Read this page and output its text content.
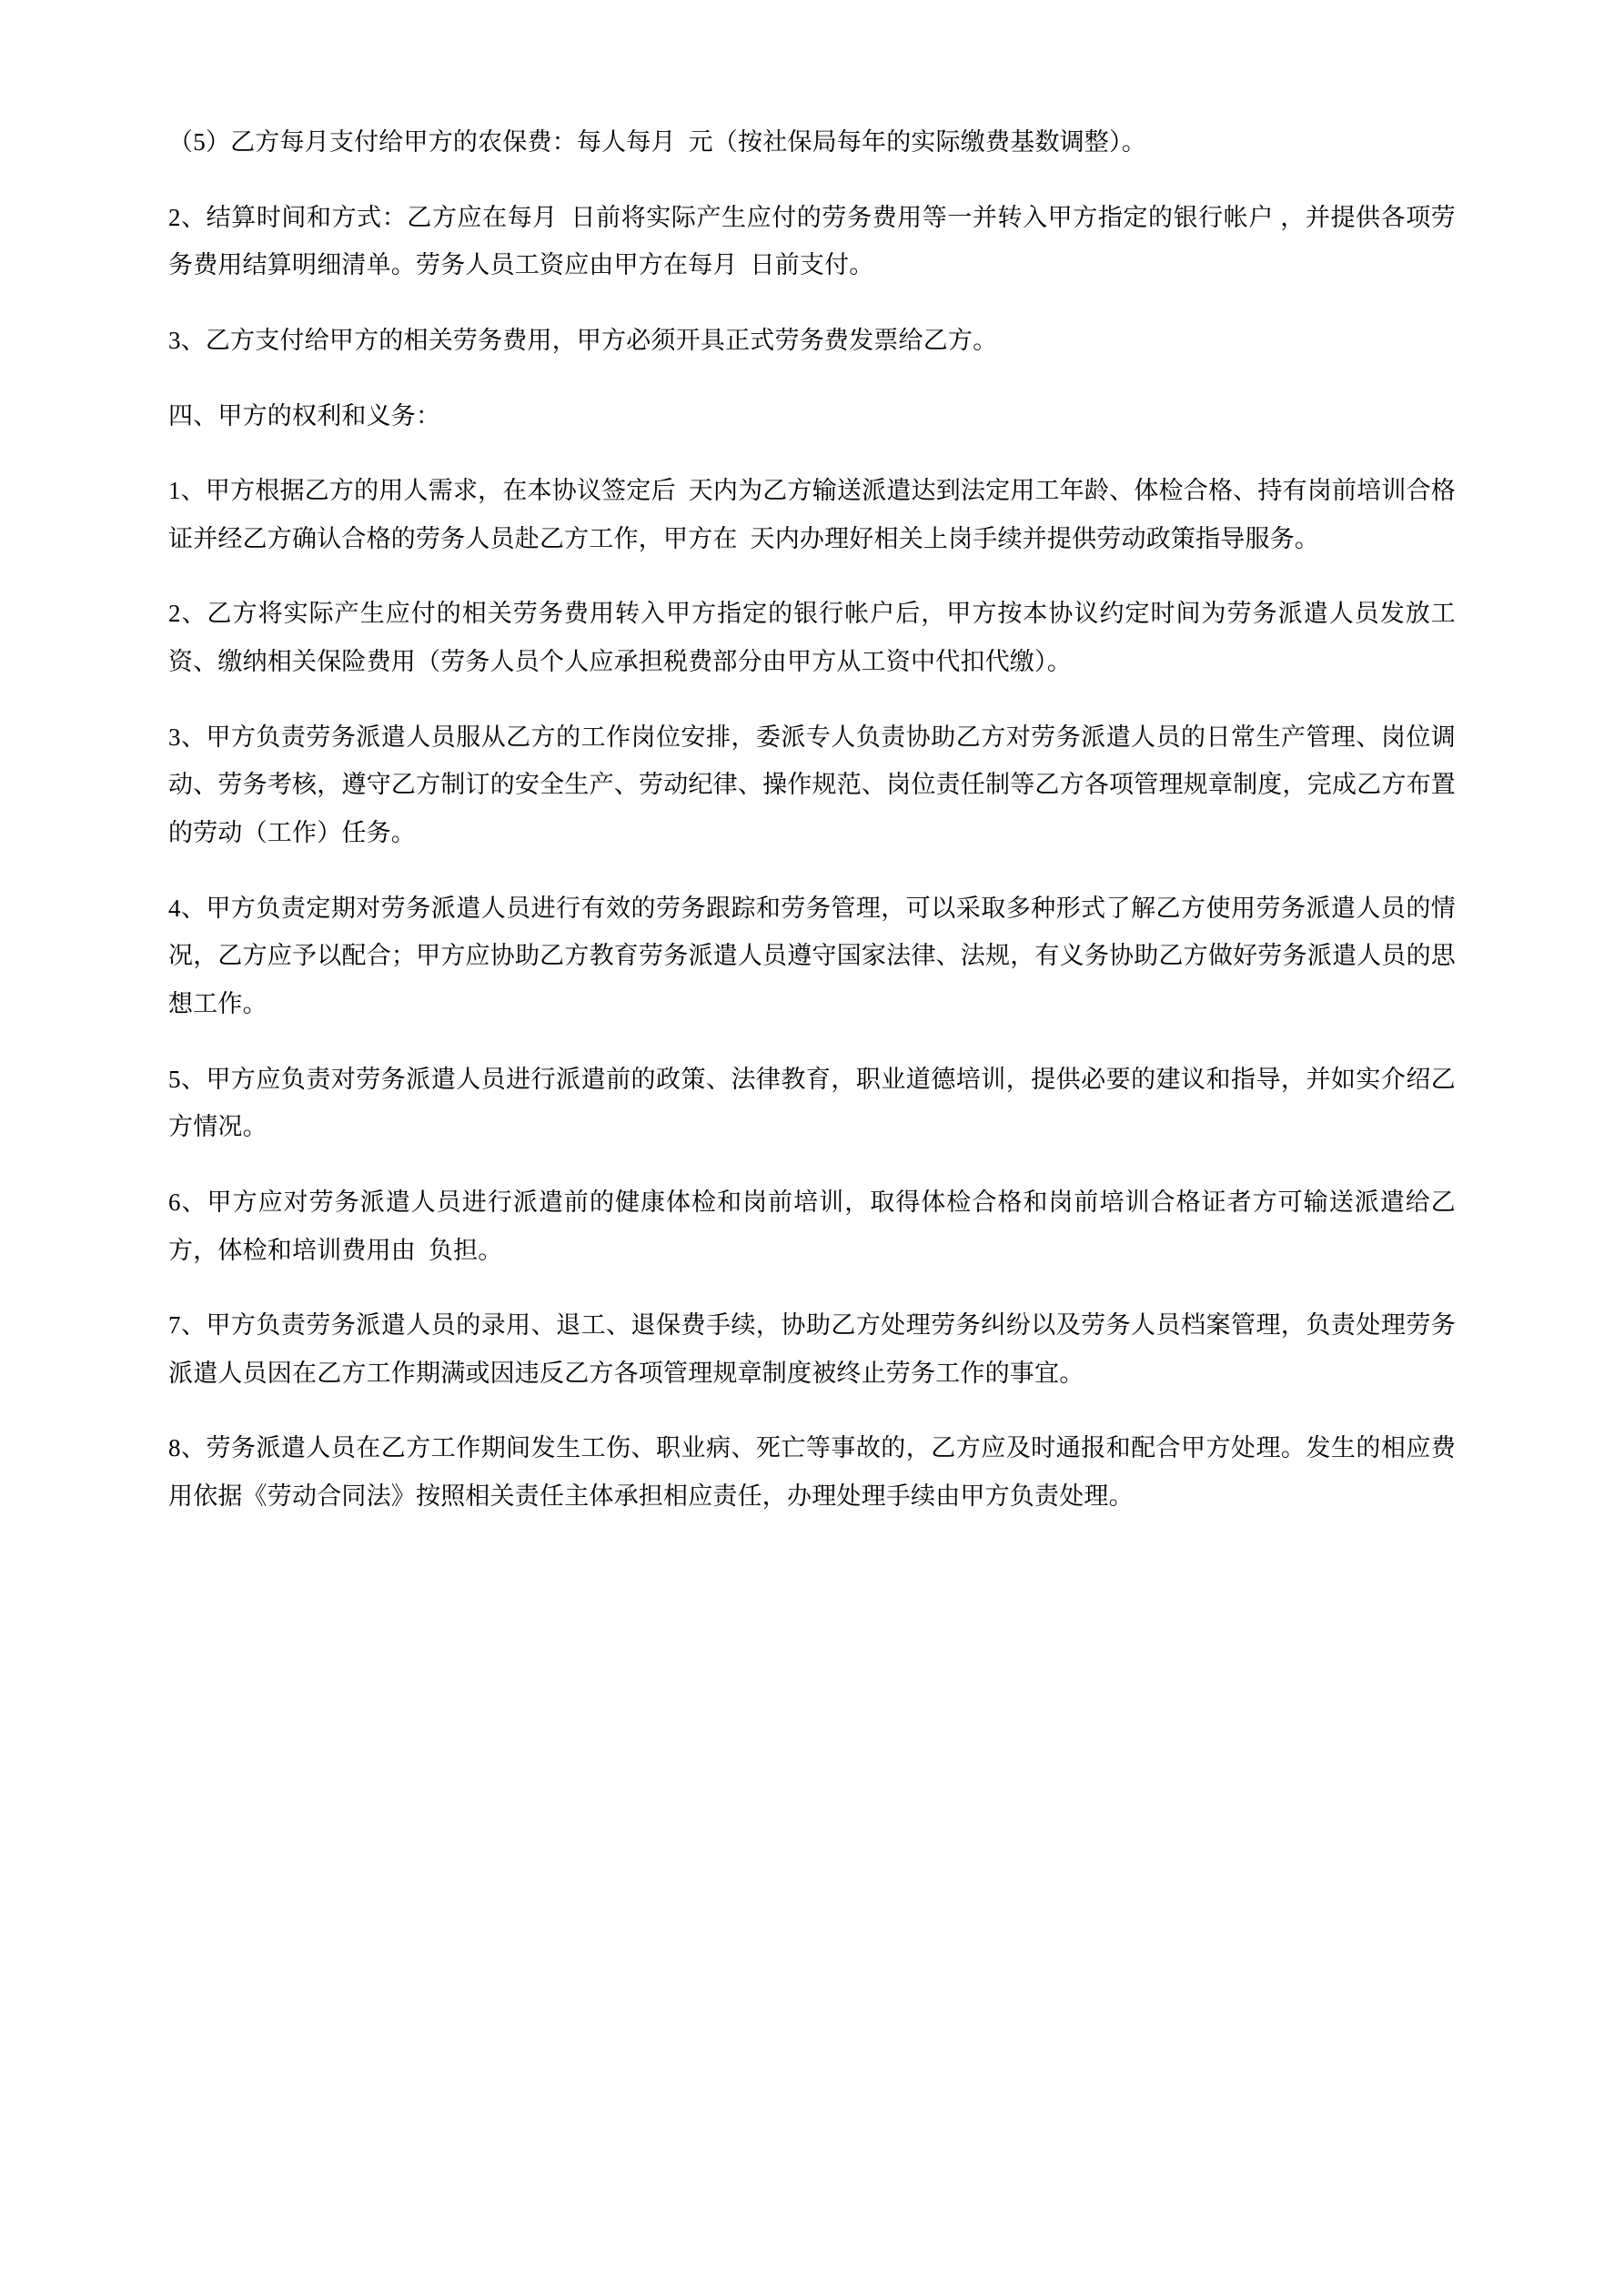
（5）乙方每月支付给甲方的农保费：每人每月  元（按社保局每年的实际缴费基数调整）。

2、结算时间和方式：乙方应在每月  日前将实际产生应付的劳务费用等一并转入甲方指定的银行帐户 ，并提供各项劳务费用结算明细清单。劳务人员工资应由甲方在每月  日前支付。

3、乙方支付给甲方的相关劳务费用，甲方必须开具正式劳务费发票给乙方。

四、甲方的权利和义务：

1、甲方根据乙方的用人需求，在本协议签定后  天内为乙方输送派遣达到法定用工年龄、体检合格、持有岗前培训合格证并经乙方确认合格的劳务人员赴乙方工作，甲方在  天内办理好相关上岗手续并提供劳动政策指导服务。

2、乙方将实际产生应付的相关劳务费用转入甲方指定的银行帐户后，甲方按本协议约定时间为劳务派遣人员发放工资、缴纳相关保险费用（劳务人员个人应承担税费部分由甲方从工资中代扣代缴）。

3、甲方负责劳务派遣人员服从乙方的工作岗位安排，委派专人负责协助乙方对劳务派遣人员的日常生产管理、岗位调动、劳务考核，遵守乙方制订的安全生产、劳动纪律、操作规范、岗位责任制等乙方各项管理规章制度，完成乙方布置的劳动（工作）任务。

4、甲方负责定期对劳务派遣人员进行有效的劳务跟踪和劳务管理，可以采取多种形式了解乙方使用劳务派遣人员的情况，乙方应予以配合；甲方应协助乙方教育劳务派遣人员遵守国家法律、法规，有义务协助乙方做好劳务派遣人员的思想工作。

5、甲方应负责对劳务派遣人员进行派遣前的政策、法律教育，职业道德培训，提供必要的建议和指导，并如实介绍乙方情况。

6、甲方应对劳务派遣人员进行派遣前的健康体检和岗前培训，取得体检合格和岗前培训合格证者方可输送派遣给乙方，体检和培训费用由  负担。

7、甲方负责劳务派遣人员的录用、退工、退保费手续，协助乙方处理劳务纠纷以及劳务人员档案管理，负责处理劳务派遣人员因在乙方工作期满或因违反乙方各项管理规章制度被终止劳务工作的事宜。

8、劳务派遣人员在乙方工作期间发生工伤、职业病、死亡等事故的，乙方应及时通报和配合甲方处理。发生的相应费用依据《劳动合同法》按照相关责任主体承担相应责任，办理处理手续由甲方负责处理。
